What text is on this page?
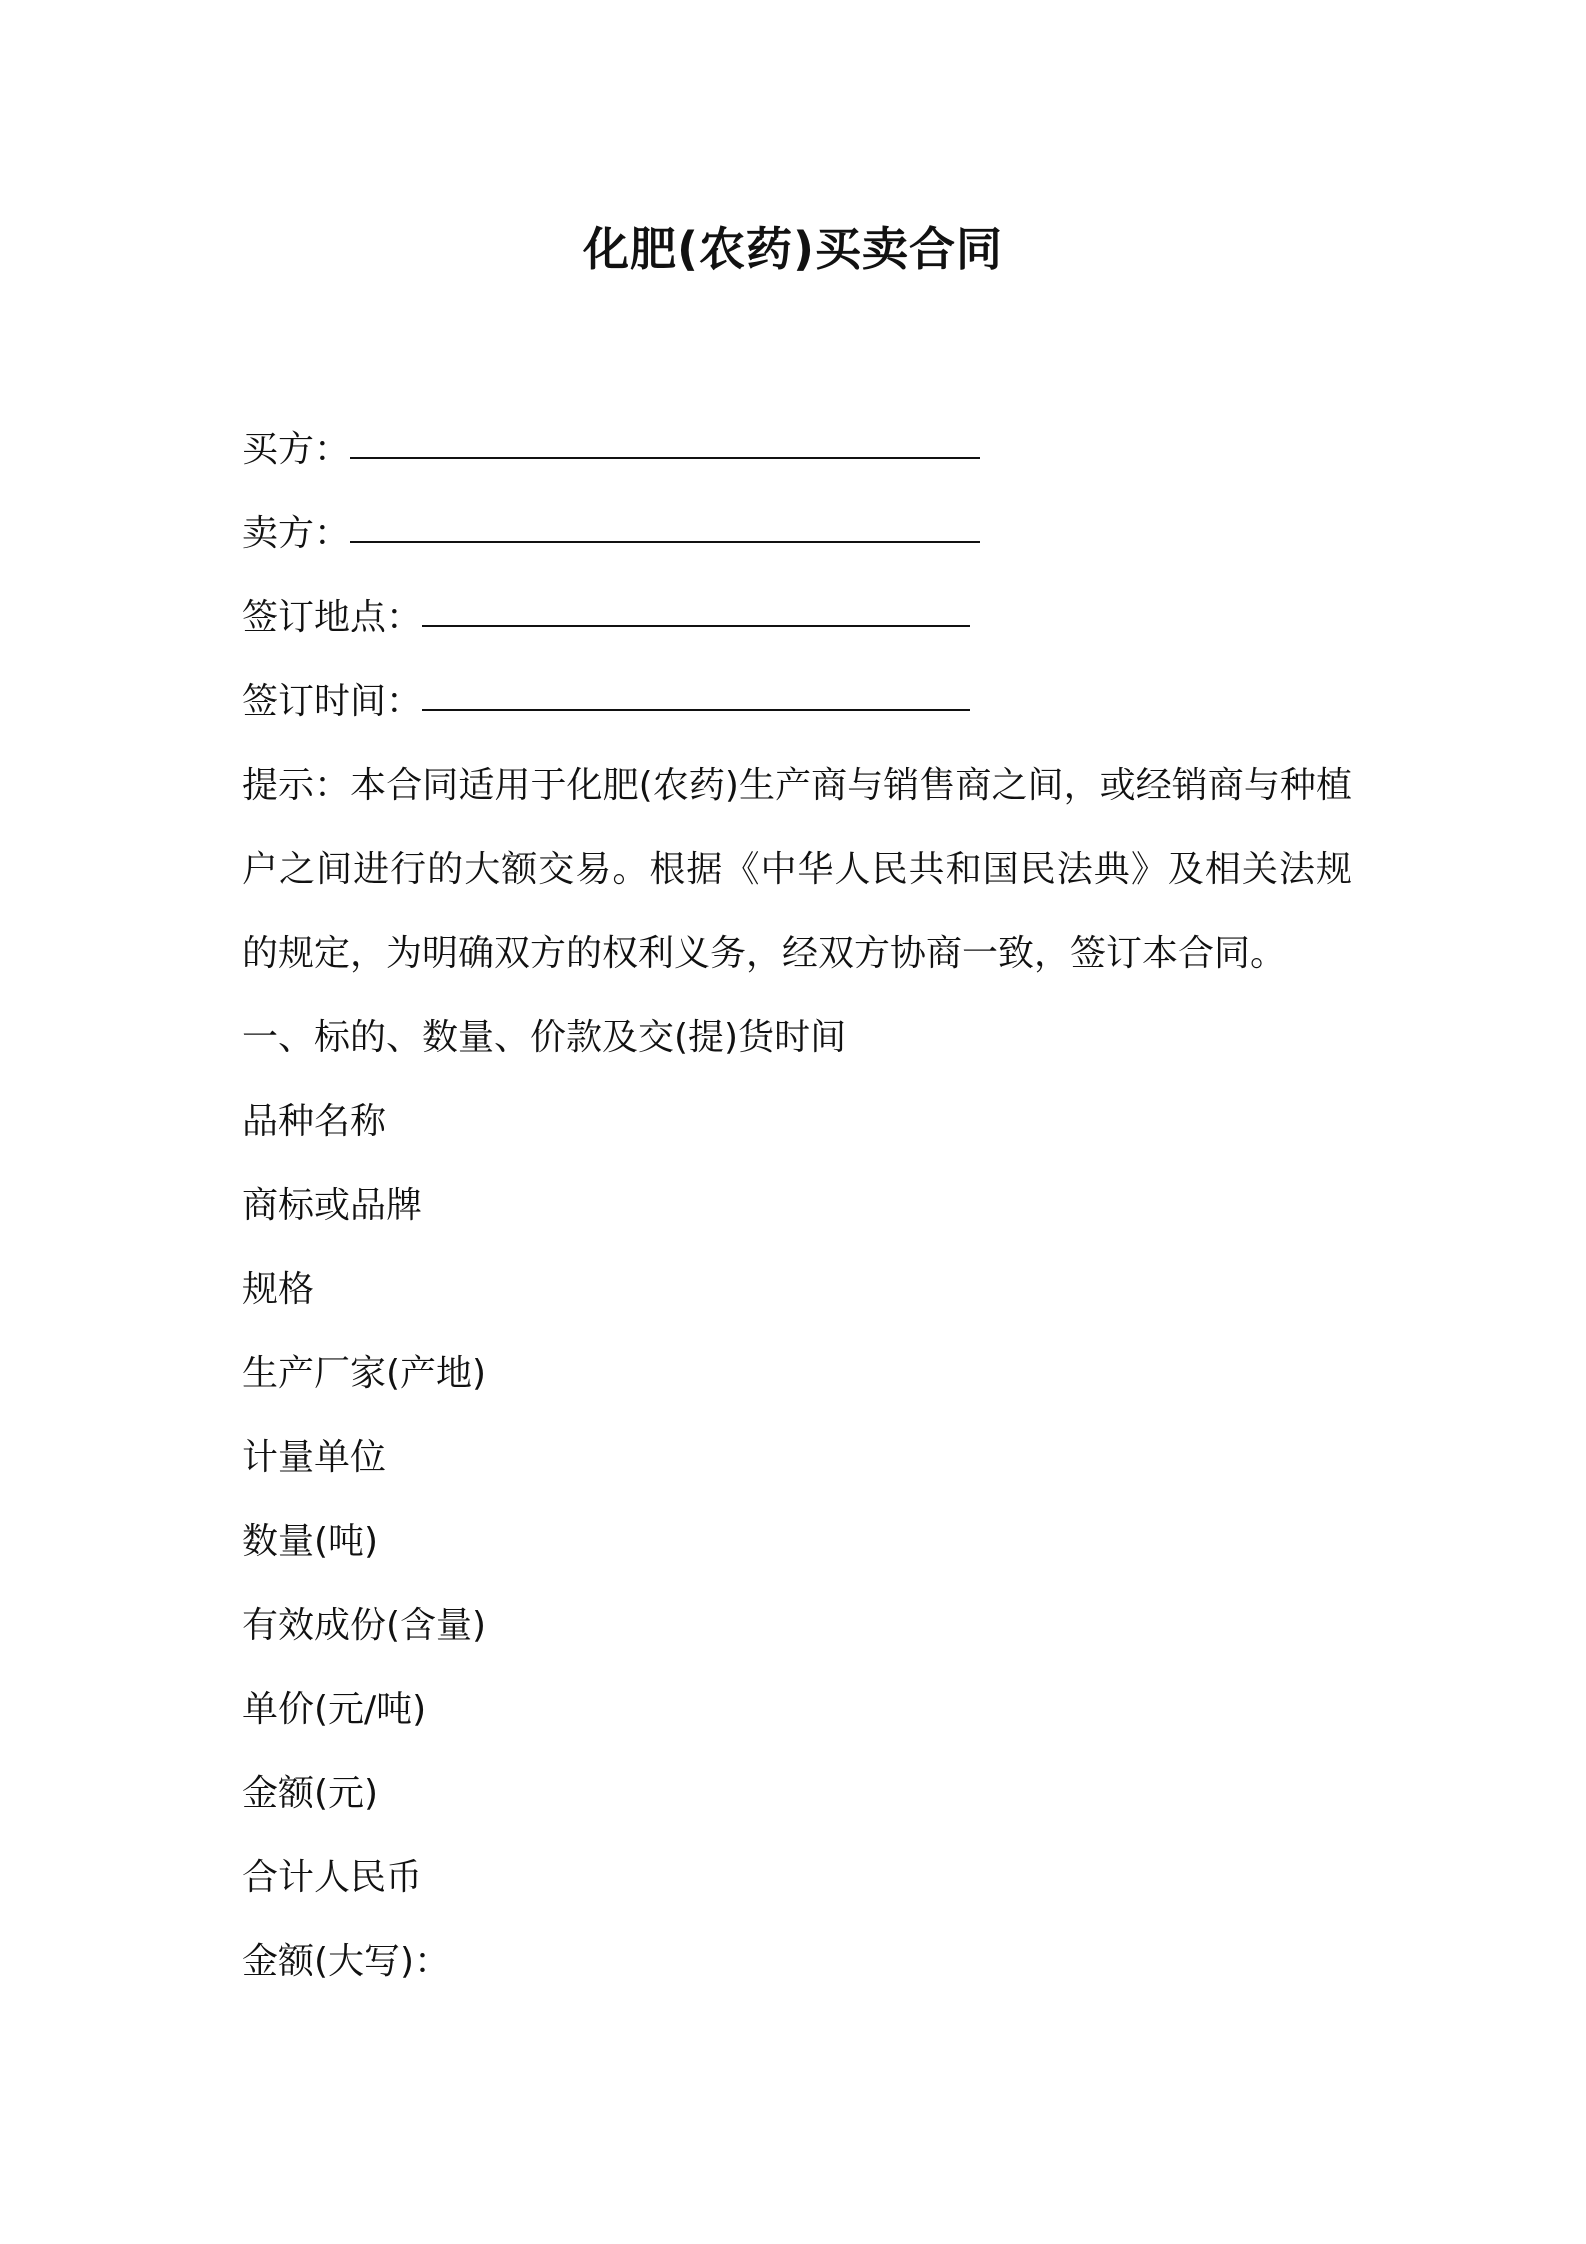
化肥(农药)买卖合同
买方：
卖方：
签订地点：
签订时间：

提示：本合同适用于化肥(农药)生产商与销售商之间，或经销商与种植户之间进行的大额交易。根据《中华人民共和国民法典》及相关法规的规定，为明确双方的权利义务，经双方协商一致，签订本合同。

一、标的、数量、价款及交(提)货时间
品种名称
商标或品牌
规格
生产厂家(产地)
计量单位
数量(吨)
有效成份(含量)
单价(元/吨)
金额(元)
合计人民币
金额(大写)：
